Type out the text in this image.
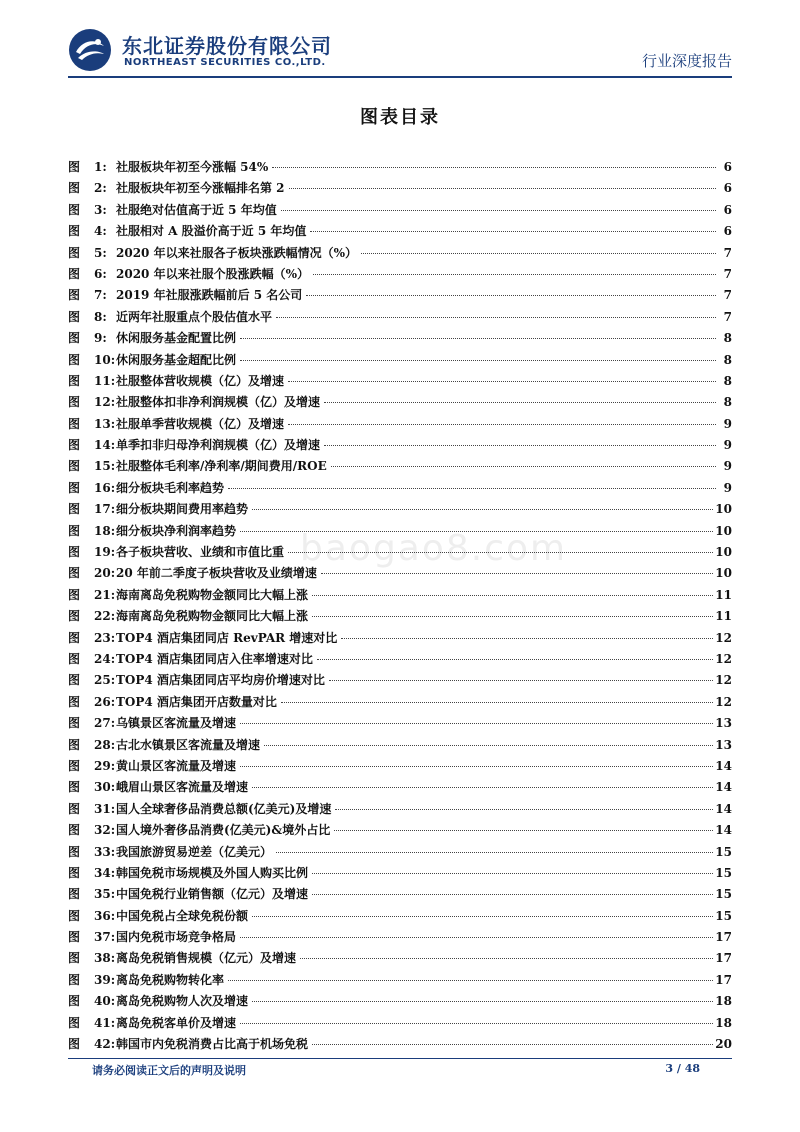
东北证券股份有限公司
NORTHEAST SECURITIES CO.,LTD.	行业深度报告
图表目录
baogao8.com
图	1: 社服板块年初至今涨幅 54%	6
图	2: 社服板块年初至今涨幅排名第 2	6
图	3: 社服绝对估值高于近 5 年均值	6
图	4: 社服相对 A 股溢价高于近 5 年均值	6
图	5: 2020 年以来社服各子板块涨跌幅情况（%）	7
图	6: 2020 年以来社服个股涨跌幅（%）	7
图	7: 2019 年社服涨跌幅前后 5 名公司	7
图	8: 近两年社服重点个股估值水平	7
图	9: 休闲服务基金配置比例	8
图	10: 休闲服务基金超配比例	8
图	11: 社服整体营收规模（亿）及增速	8
图	12: 社服整体扣非净利润规模（亿）及增速	8
图	13: 社服单季营收规模（亿）及增速	9
图	14: 单季扣非归母净利润规模（亿）及增速	9
图	15: 社服整体毛利率/净利率/期间费用/ROE	9
图	16: 细分板块毛利率趋势	9
图	17: 细分板块期间费用率趋势	10
图	18: 细分板块净利润率趋势	10
图	19: 各子板块营收、业绩和市值比重	10
图	20: 20 年前二季度子板块营收及业绩增速	10
图	21: 海南离岛免税购物金额同比大幅上涨	11
图	22: 海南离岛免税购物金额同比大幅上涨	11
图	23: TOP4 酒店集团同店 RevPAR 增速对比	12
图	24: TOP4 酒店集团同店入住率增速对比	12
图	25: TOP4 酒店集团同店平均房价增速对比	12
图	26: TOP4 酒店集团开店数量对比	12
图	27: 乌镇景区客流量及增速	13
图	28: 古北水镇景区客流量及增速	13
图	29: 黄山景区客流量及增速	14
图	30: 峨眉山景区客流量及增速	14
图	31: 国人全球奢侈品消费总额(亿美元)及增速	14
图	32: 国人境外奢侈品消费(亿美元)&境外占比	14
图	33: 我国旅游贸易逆差（亿美元）	15
图	34: 韩国免税市场规模及外国人购买比例	15
图	35: 中国免税行业销售额（亿元）及增速	15
图	36: 中国免税占全球免税份额	15
图	37: 国内免税市场竞争格局	17
图	38: 离岛免税销售规模（亿元）及增速	17
图	39: 离岛免税购物转化率	17
图	40: 离岛免税购物人次及增速	18
图	41: 离岛免税客单价及增速	18
图	42: 韩国市内免税消费占比高于机场免税	20
请务必阅读正文后的声明及说明	3 / 48
